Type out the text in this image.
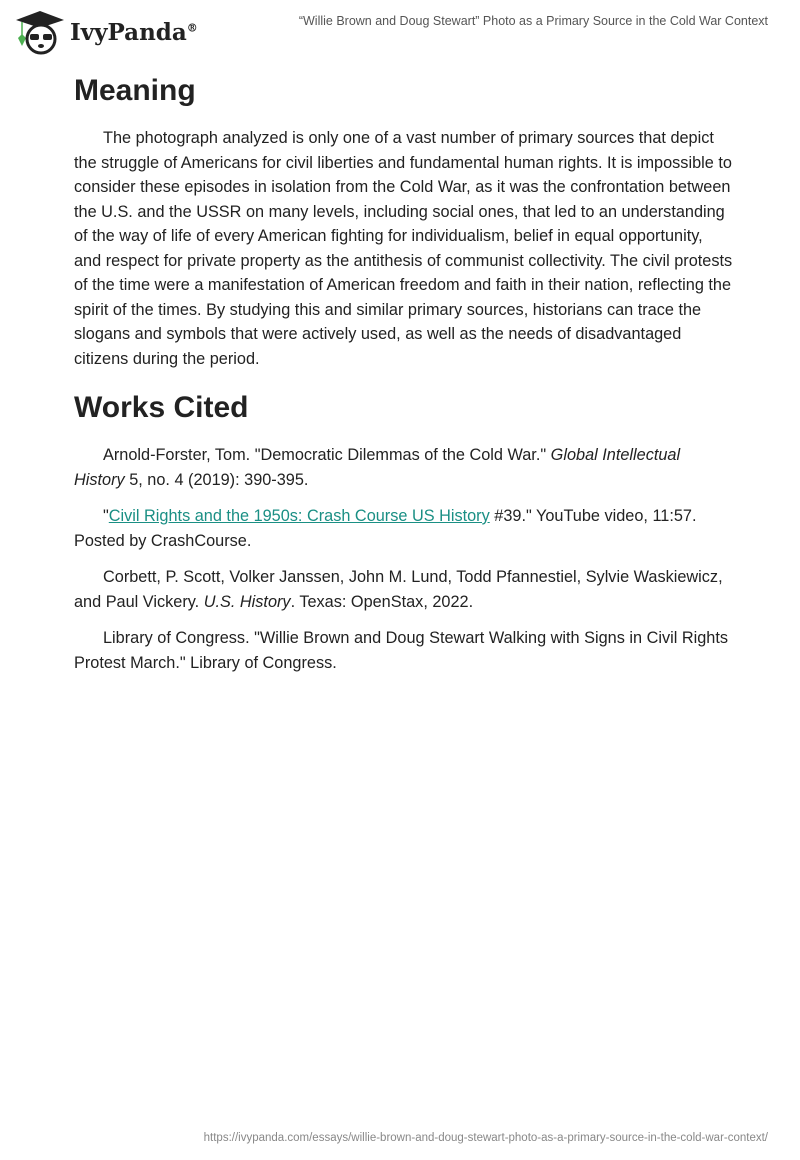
IvyPanda®	“Willie Brown and Doug Stewart” Photo as a Primary Source in the Cold War Context
Meaning

The photograph analyzed is only one of a vast number of primary sources that depict the struggle of Americans for civil liberties and fundamental human rights. It is impossible to consider these episodes in isolation from the Cold War, as it was the confrontation between the U.S. and the USSR on many levels, including social ones, that led to an understanding of the way of life of every American fighting for individualism, belief in equal opportunity, and respect for private property as the antithesis of communist collectivity. The civil protests of the time were a manifestation of American freedom and faith in their nation, reflecting the spirit of the times. By studying this and similar primary sources, historians can trace the slogans and symbols that were actively used, as well as the needs of disadvantaged citizens during the period.

Works Cited

Arnold-Forster, Tom. "Democratic Dilemmas of the Cold War." Global Intellectual History 5, no. 4 (2019): 390-395.

"Civil Rights and the 1950s: Crash Course US History #39." YouTube video, 11:57. Posted by CrashCourse.

Corbett, P. Scott, Volker Janssen, John M. Lund, Todd Pfannestiel, Sylvie Waskiewicz, and Paul Vickery. U.S. History. Texas: OpenStax, 2022.

Library of Congress. "Willie Brown and Doug Stewart Walking with Signs in Civil Rights Protest March." Library of Congress.

https://ivypanda.com/essays/willie-brown-and-doug-stewart-photo-as-a-primary-source-in-the-cold-war-context/
